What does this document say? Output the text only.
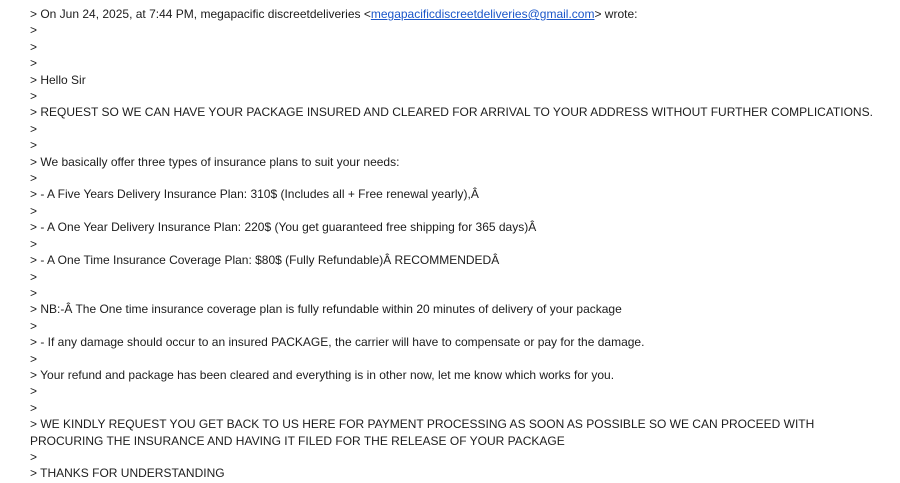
> On Jun 24, 2025, at 7:44 PM, megapacific discreetdeliveries <megapacificdiscreetdeliveries@gmail.com> wrote:

>

>

>

> Hello Sir

>

> REQUEST SO WE CAN HAVE YOUR PACKAGE INSURED AND CLEARED FOR ARRIVAL TO YOUR ADDRESS WITHOUT FURTHER COMPLICATIONS.

>

>

> We basically offer three types of insurance plans to suit your needs:

>

> - A Five Years Delivery Insurance Plan: 310$ (Includes all + Free renewal yearly),Â

>

> - A One Year Delivery Insurance Plan: 220$ (You get guaranteed free shipping for 365 days)Â

>

> - A One Time Insurance Coverage Plan: $80$ (Fully Refundable)Â RECOMMENDEDÂ

>

>

> NB:-Â The One time insurance coverage plan is fully refundable within 20 minutes of delivery of your package

>

> - If any damage should occur to an insured PACKAGE, the carrier will have to compensate or pay for the damage.

>

> Your refund and package has been cleared and everything is in other now, let me know which works for you.

>

>

> WE KINDLY REQUEST YOU GET BACK TO US HERE FOR PAYMENT PROCESSING AS SOON AS POSSIBLE SO WE CAN PROCEED WITH PROCURING THE INSURANCE AND HAVING IT FILED FOR THE RELEASE OF YOUR PACKAGE

>

> THANKS FOR UNDERSTANDING
